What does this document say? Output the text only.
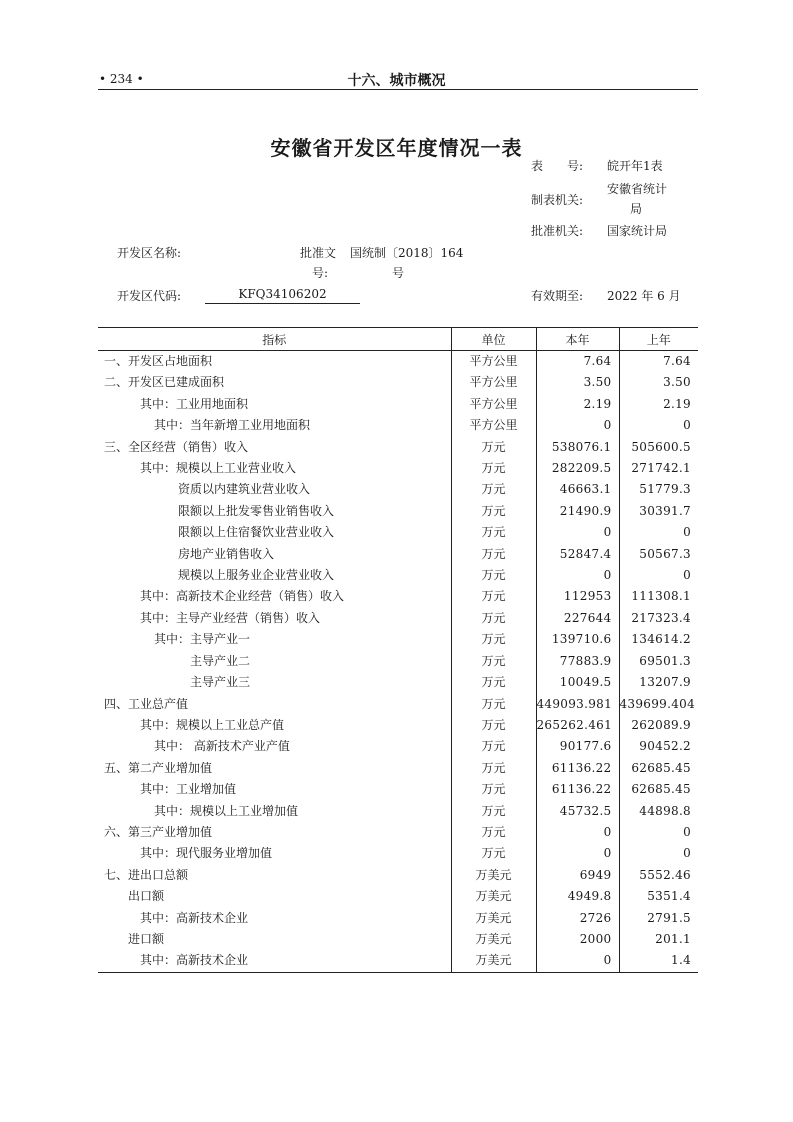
• 234 •	十六、城市概况
安徽省开发区年度情况一表
表　　号: 皖开年1表
制表机关:
安徽省统计
局
批准机关: 国家统计局
开发区名称:	批准文
号:
国统制〔2018〕164
号
开发区代码:	KFQ34106202	有效期至: 2022 年 6 月
指标	单位	本年	上年
一、开发区占地面积	平方公里	7.64	7.64
二、开发区已建成面积	平方公里	3.50	3.50
其中：工业用地面积	平方公里	2.19	2.19
其中：当年新增工业用地面积	平方公里	0	0
三、全区经营（销售）收入	万元	538076.1	505600.5
其中：规模以上工业营业收入	万元	282209.5	271742.1
资质以内建筑业营业收入	万元	46663.1	51779.3
限额以上批发零售业销售收入	万元	21490.9	30391.7
限额以上住宿餐饮业营业收入	万元	0	0
房地产业销售收入	万元	52847.4	50567.3
规模以上服务业企业营业收入	万元	0	0
其中：高新技术企业经营（销售）收入	万元	112953	111308.1
其中：主导产业经营（销售）收入	万元	227644	217323.4
其中：主导产业一	万元	139710.6	134614.2
主导产业二	万元	77883.9	69501.3
主导产业三	万元	10049.5	13207.9
四、工业总产值	万元	449093.981	439699.404
其中：规模以上工业总产值	万元	265262.461	262089.9
其中： 高新技术产业产值	万元	90177.6	90452.2
五、第二产业增加值	万元	61136.22	62685.45
其中：工业增加值	万元	61136.22	62685.45
其中：规模以上工业增加值	万元	45732.5	44898.8
六、第三产业增加值	万元	0	0
其中：现代服务业增加值	万元	0	0
七、进出口总额	万美元	6949	5552.46
出口额	万美元	4949.8	5351.4
其中：高新技术企业	万美元	2726	2791.5
进口额	万美元	2000	201.1
其中：高新技术企业	万美元	0	1.4
